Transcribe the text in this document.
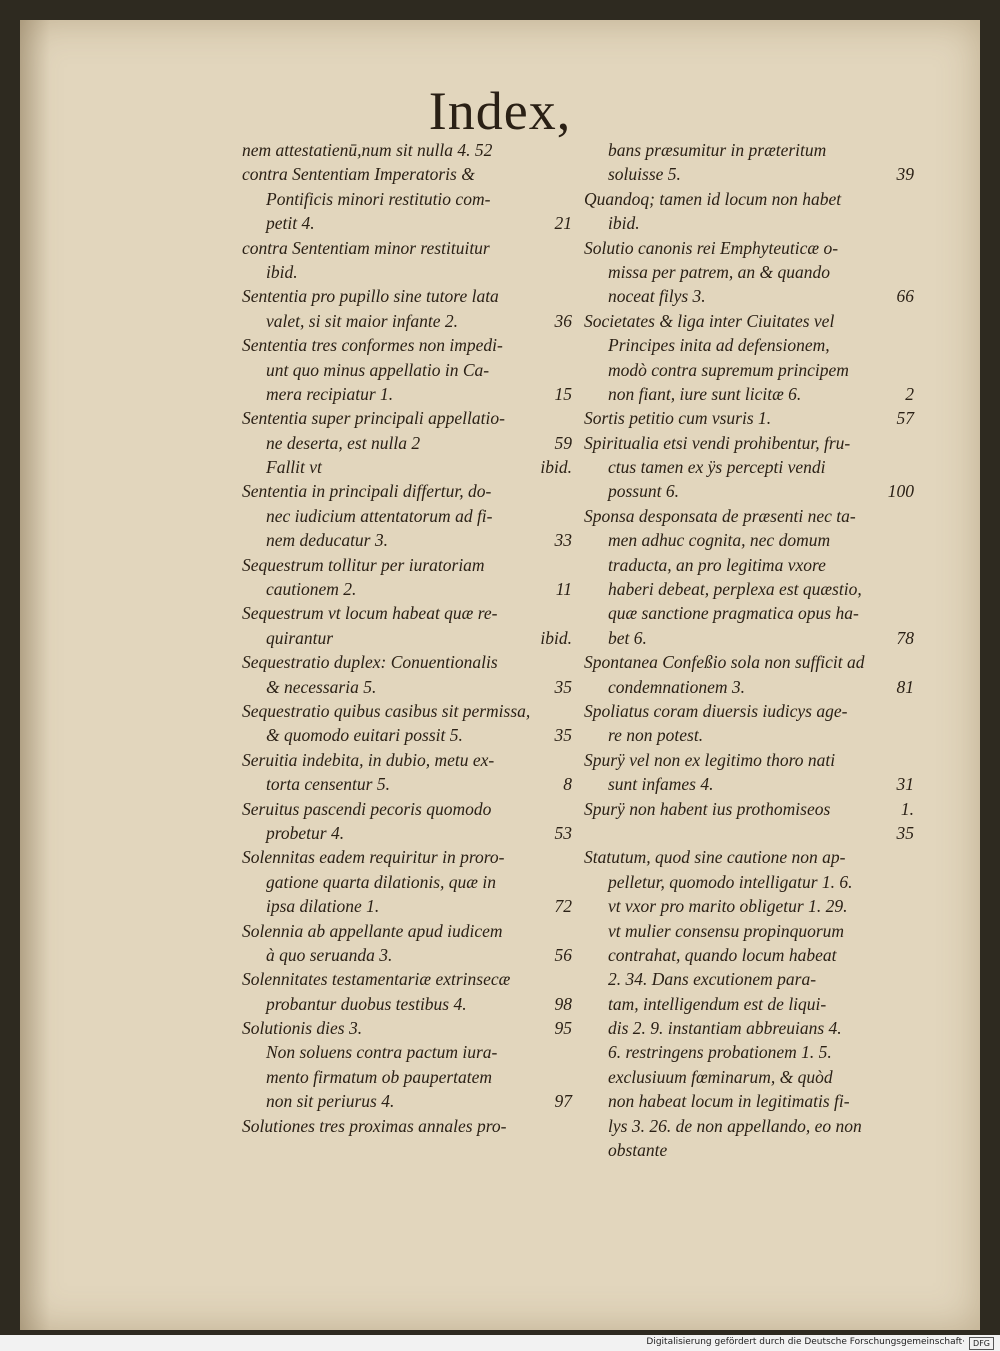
Index,
nem attestatienū,num sit nulla 4. 52
contra Sententiam Imperatoris &
Pontificis minori restitutio com-
petit 4.	21
contra Sententiam minor restituitur
ibid.
Sententia pro pupillo sine tutore lata
valet, si sit maior infante 2.	36
Sententia tres conformes non impedi-
unt quo minus appellatio in Ca-
mera recipiatur 1.	15
Sententia super principali appellatio-
ne deserta, est nulla 2	59
Fallit vt	ibid.
Sententia in principali differtur, do-
nec iudicium attentatorum ad fi-
nem deducatur 3.	33
Sequestrum tollitur per iuratoriam
cautionem 2.	11
Sequestrum vt locum habeat quæ re-
quirantur	ibid.
Sequestratio duplex: Conuentionalis
& necessaria 5.	35
Sequestratio quibus casibus sit permissa,
& quomodo euitari possit 5.	35
Seruitia indebita, in dubio, metu ex-
torta censentur 5.	8
Seruitus pascendi pecoris quomodo
probetur 4.	53
Solennitas eadem requiritur in proro-
gatione quarta dilationis, quæ in
ipsa dilatione 1.	72
Solennia ab appellante apud iudicem
à quo seruanda 3.	56
Solennitates testamentariæ extrinsecæ
probantur duobus testibus 4.	98
Solutionis dies 3.	95
Non soluens contra pactum iura-
mento firmatum ob paupertatem
non sit periurus 4.	97
Solutiones tres proximas annales pro-
bans præsumitur in præteritum
soluisse 5.	39
Quandoq; tamen id locum non habet
ibid.
Solutio canonis rei Emphyteuticæ o-
missa per patrem, an & quando
noceat filys 3.	66
Societates & liga inter Ciuitates vel
Principes inita ad defensionem,
modò contra supremum principem
non fiant, iure sunt licitæ 6.	2
Sortis petitio cum vsuris 1.	57
Spiritualia etsi vendi prohibentur, fru-
ctus tamen ex ÿs percepti vendi
possunt 6.	100
Sponsa desponsata de præsenti nec ta-
men adhuc cognita, nec domum
traducta, an pro legitima vxore
haberi debeat, perplexa est quæstio,
quæ sanctione pragmatica opus ha-
bet 6.	78
Spontanea Confeßio sola non sufficit ad
condemnationem 3.	81
Spoliatus coram diuersis iudicys age-
re non potest.
Spurÿ vel non ex legitimo thoro nati
sunt infames 4.	31
Spurÿ non habent ius prothomiseos	1.
35
Statutum, quod sine cautione non ap-
pelletur, quomodo intelligatur 1. 6.
vt vxor pro marito obligetur 1. 29.
vt mulier consensu propinquorum
contrahat, quando locum habeat
2. 34. Dans excutionem para-
tam, intelligendum est de liqui-
dis 2. 9. instantiam abbreuians 4.
6. restringens probationem 1. 5.
exclusiuum fœminarum, & quòd
non habeat locum in legitimatis fi-
lys 3. 26. de non appellando, eo non
obstante
Digitalisierung gefördert durch die Deutsche Forschungsgemeinschaft·DFG
